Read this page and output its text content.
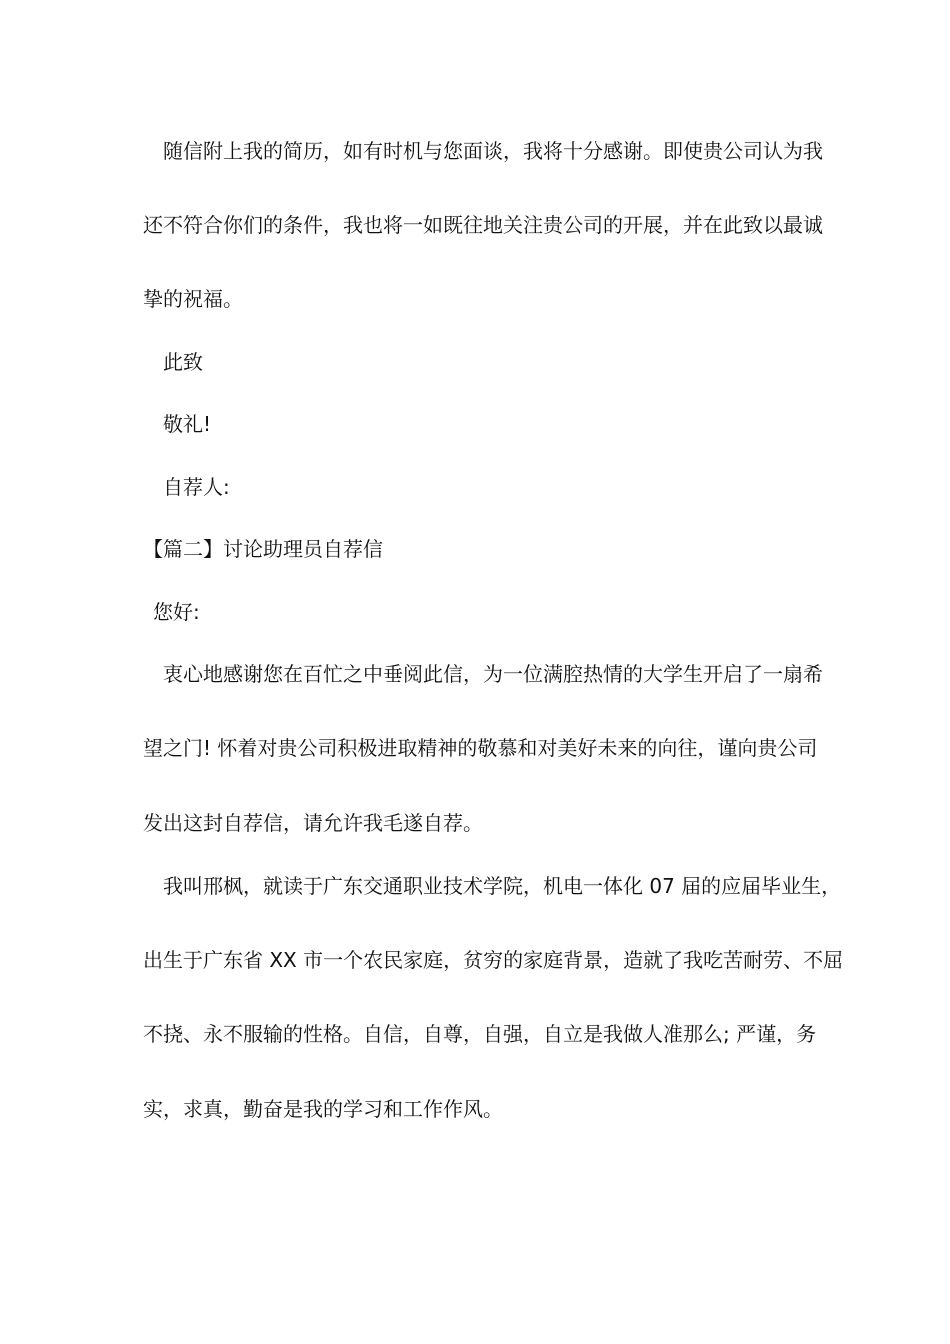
随信附上我的简历，如有时机与您面谈，我将十分感谢。即使贵公司认为我
还不符合你们的条件，我也将一如既往地关注贵公司的开展，并在此致以最诚
挚的祝福。
此致
敬礼!
自荐人:
【篇二】讨论助理员自荐信
您好:
衷心地感谢您在百忙之中垂阅此信，为一位满腔热情的大学生开启了一扇希
望之门! 怀着对贵公司积极进取精神的敬慕和对美好未来的向往，谨向贵公司
发出这封自荐信，请允许我毛遂自荐。
我叫邢枫，就读于广东交通职业技术学院，机电一体化 07 届的应届毕业生，
出生于广东省 XX 市一个农民家庭，贫穷的家庭背景，造就了我吃苦耐劳、不屈
不挠、永不服输的性格。自信，自尊，自强，自立是我做人准那么; 严谨，务
实，求真，勤奋是我的学习和工作作风。
